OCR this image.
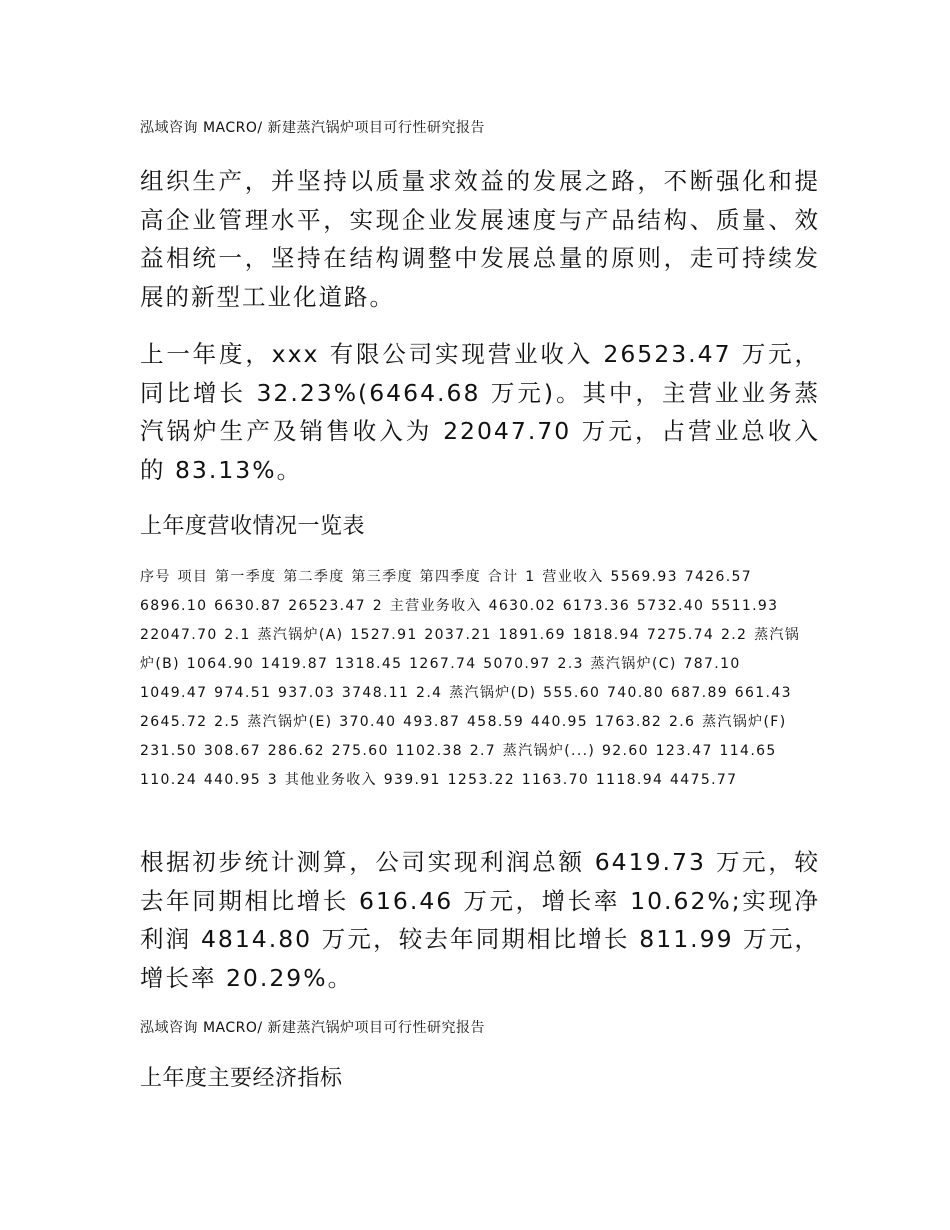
泓域咨询 MACRO/ 新建蒸汽锅炉项目可行性研究报告

组织生产，并坚持以质量求效益的发展之路，不断强化和提高企业管理水平，实现企业发展速度与产品结构、质量、效益相统一，坚持在结构调整中发展总量的原则，走可持续发展的新型工业化道路。

上一年度，xxx 有限公司实现营业收入 26523.47 万元，同比增长 32.23%(6464.68 万元)。其中，主营业业务蒸汽锅炉生产及销售收入为 22047.70 万元，占营业总收入的 83.13%。

上年度营收情况一览表

序号 项目 第一季度 第二季度 第三季度 第四季度 合计 1 营业收入 5569.93 7426.57 6896.10 6630.87 26523.47 2 主营业务收入 4630.02 6173.36 5732.40 5511.93 22047.70 2.1 蒸汽锅炉(A) 1527.91 2037.21 1891.69 1818.94 7275.74 2.2 蒸汽锅炉(B) 1064.90 1419.87 1318.45 1267.74 5070.97 2.3 蒸汽锅炉(C) 787.10 1049.47 974.51 937.03 3748.11 2.4 蒸汽锅炉(D) 555.60 740.80 687.89 661.43 2645.72 2.5 蒸汽锅炉(E) 370.40 493.87 458.59 440.95 1763.82 2.6 蒸汽锅炉(F) 231.50 308.67 286.62 275.60 1102.38 2.7 蒸汽锅炉(...) 92.60 123.47 114.65 110.24 440.95 3 其他业务收入 939.91 1253.22 1163.70 1118.94 4475.77

根据初步统计测算，公司实现利润总额 6419.73 万元，较去年同期相比增长 616.46 万元，增长率 10.62%;实现净利润 4814.80 万元，较去年同期相比增长 811.99 万元，增长率 20.29%。

泓域咨询 MACRO/ 新建蒸汽锅炉项目可行性研究报告
上年度主要经济指标
